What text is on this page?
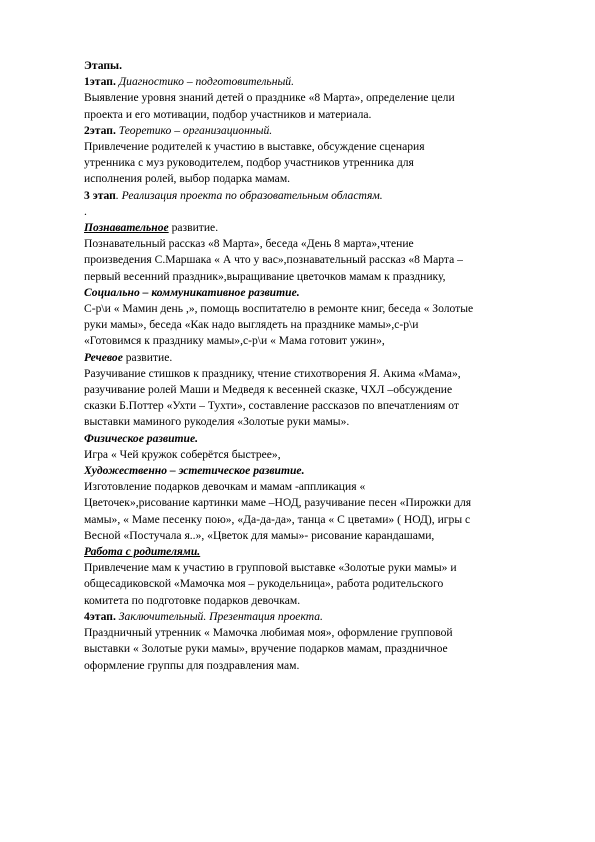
Этапы.
1этап. Диагностико – подготовительный.
Выявление уровня знаний детей о празднике «8 Марта», определение цели
проекта и его мотивации, подбор участников и материала.
2этап. Теоретико – организационный.
Привлечение родителей к участию в выставке, обсуждение сценария
утренника с муз руководителем, подбор участников утренника для
исполнения ролей, выбор подарка мамам.
3 этап. Реализация проекта по образовательным областям.
.
Познавательное развитие.
Познавательный рассказ «8 Марта», беседа «День 8 марта»,чтение
произведения С.Маршака « А что у вас»,познавательный рассказ «8 Марта –
первый весенний праздник»,выращивание цветочков мамам к празднику,
Социально – коммуникативное развитие.
С-р\и « Мамин день ,», помощь воспитателю в ремонте книг, беседа « Золотые
руки мамы», беседа «Как надо выглядеть на празднике мамы»,с-р\и
«Готовимся к празднику мамы»,с-р\и « Мама готовит ужин»,
Речевое развитие.
Разучивание стишков к празднику, чтение стихотворения Я. Акима «Мама»,
разучивание ролей Маши и Медведя к весенней сказке, ЧХЛ –обсуждение
сказки Б.Поттер «Ухти – Тухти», составление рассказов по впечатлениям от
выставки маминого рукоделия «Золотые руки мамы».
Физическое развитие.
Игра « Чей кружок соберётся быстрее»,
Художественно – эстетическое развитие.
Изготовление подарков девочкам и мамам -аппликация «
Цветочек»,рисование картинки маме –НОД, разучивание песен «Пирожки для
мамы», « Маме песенку пою», «Да-да-да», танца « С цветами» ( НОД), игры с
Весной «Постучала я..», «Цветок для мамы»- рисование карандашами,
Работа с родителями.
Привлечение мам к участию в групповой выставке «Золотые руки мамы» и
общесадиковской «Мамочка моя – рукодельница», работа родительского
комитета по подготовке подарков девочкам.
4этап. Заключительный. Презентация проекта.
Праздничный утренник « Мамочка любимая моя», оформление групповой
выставки « Золотые руки мамы», вручение подарков мамам, праздничное
оформление группы для поздравления мам.
